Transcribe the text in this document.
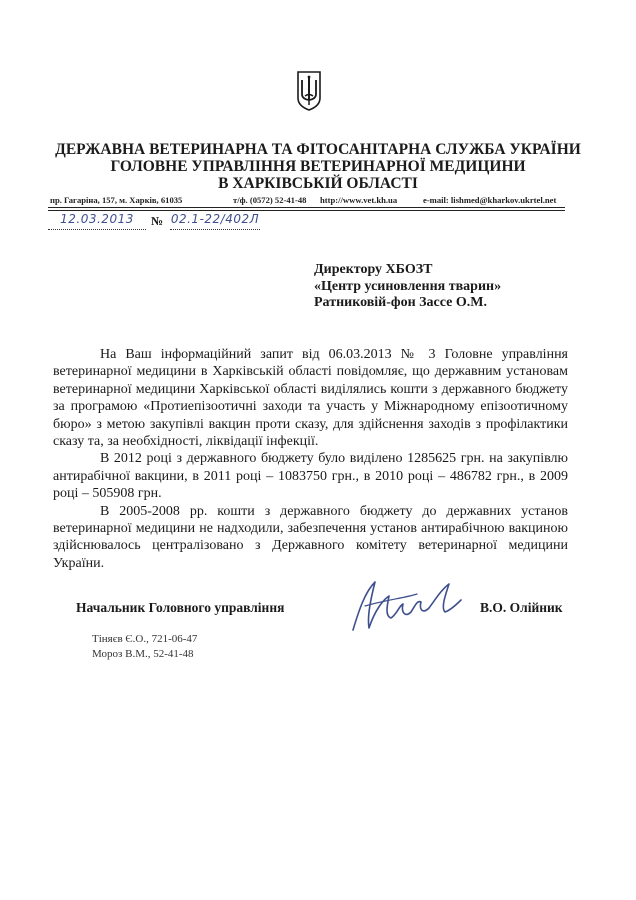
ДЕРЖАВНА ВЕТЕРИНАРНА ТА ФІТОСАНІТАРНА СЛУЖБА УКРАЇНИ
ГОЛОВНЕ УПРАВЛІННЯ ВЕТЕРИНАРНОЇ МЕДИЦИНИ
В ХАРКІВСЬКІЙ ОБЛАСТІ
пр. Гагаріна, 157, м. Харків, 61035	т/ф. (0572) 52-41-48 http://www.vet.kh.ua	e-mail: lishmed@kharkov.ukrtel.net
12.03.2013	№ 02.1-22/402Л
Директору ХБОЗТ
«Центр усиновлення тварин»
Ратниковій-фон Зассе О.М.

На Ваш інформаційний запит від 06.03.2013 № 3 Головне управління ветеринарної медицини в Харківській області повідомляє, що державним установам ветеринарної медицини Харківської області виділялись кошти з державного бюджету за програмою «Протиепізоотичні заходи та участь у Міжнародному епізоотичному бюро» з метою закупівлі вакцин проти сказу, для здійснення заходів з профілактики сказу та, за необхідності, ліквідації інфекції.

В 2012 році з державного бюджету було виділено 1285625 грн. на закупівлю антирабічної вакцини, в 2011 році – 1083750 грн., в 2010 році – 486782 грн., в 2009 році – 505908 грн.

В 2005-2008 рр. кошти з державного бюджету до державних установ ветеринарної медицини не надходили, забезпечення установ антирабічною вакциною здійснювалось централізовано з Державного комітету ветеринарної медицини України.

Начальник Головного управління	В.О. Олійник
Тіняєв Є.О., 721-06-47
Мороз В.М., 52-41-48
